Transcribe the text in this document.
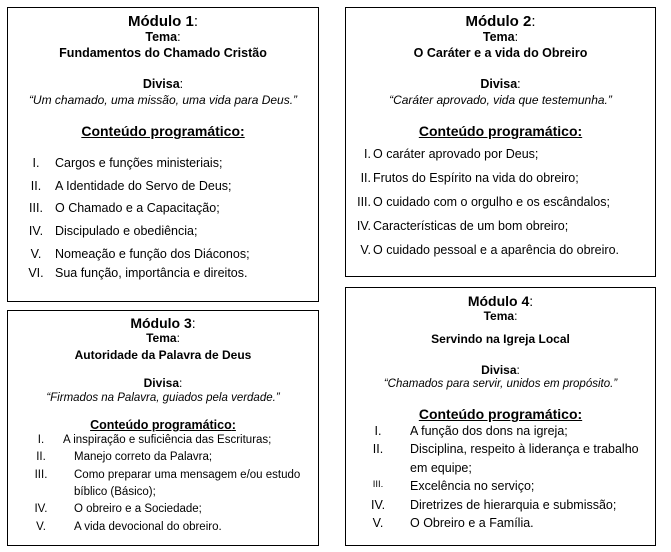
Módulo 1:
Tema:
Fundamentos do Chamado Cristão
Divisa:
“Um chamado, uma missão, uma vida para Deus.”
Conteúdo programático:
I.	Cargos e funções ministeriais;
II.	A Identidade do Servo de Deus;
III. O Chamado e a Capacitação;
IV. Discipulado e obediência;
V.	Nomeação e função dos Diáconos;
VI. Sua função, importância e direitos.
Módulo 2:
Tema:
O Caráter e a vida do Obreiro
Divisa:
“Caráter aprovado, vida que testemunha.”
Conteúdo programático:
I. O caráter aprovado por Deus;
II. Frutos do Espírito na vida do obreiro;
III. O cuidado com o orgulho e os escândalos;
IV. Características de um bom obreiro;
V. O cuidado pessoal e a aparência do obreiro.
Módulo 3:
Tema:
Autoridade da Palavra de Deus
Divisa:
“Firmados na Palavra, guiados pela verdade.”
Conteúdo programático:
I.	A inspiração e suficiência das Escrituras;
II.	Manejo correto da Palavra;
III.	Como preparar uma mensagem e/ou estudo
bíblico (Básico);
IV.	O obreiro e a Sociedade;
V.	A vida devocional do obreiro.
Módulo 4:
Tema:
Servindo na Igreja Local
Divisa:
“Chamados para servir, unidos em propósito.”
Conteúdo programático:
I. A função dos dons na igreja;
II. Disciplina, respeito à liderança e trabalho
em equipe;
III. Excelência no serviço;
IV. Diretrizes de hierarquia e submissão;
V. O Obreiro e a Família.
